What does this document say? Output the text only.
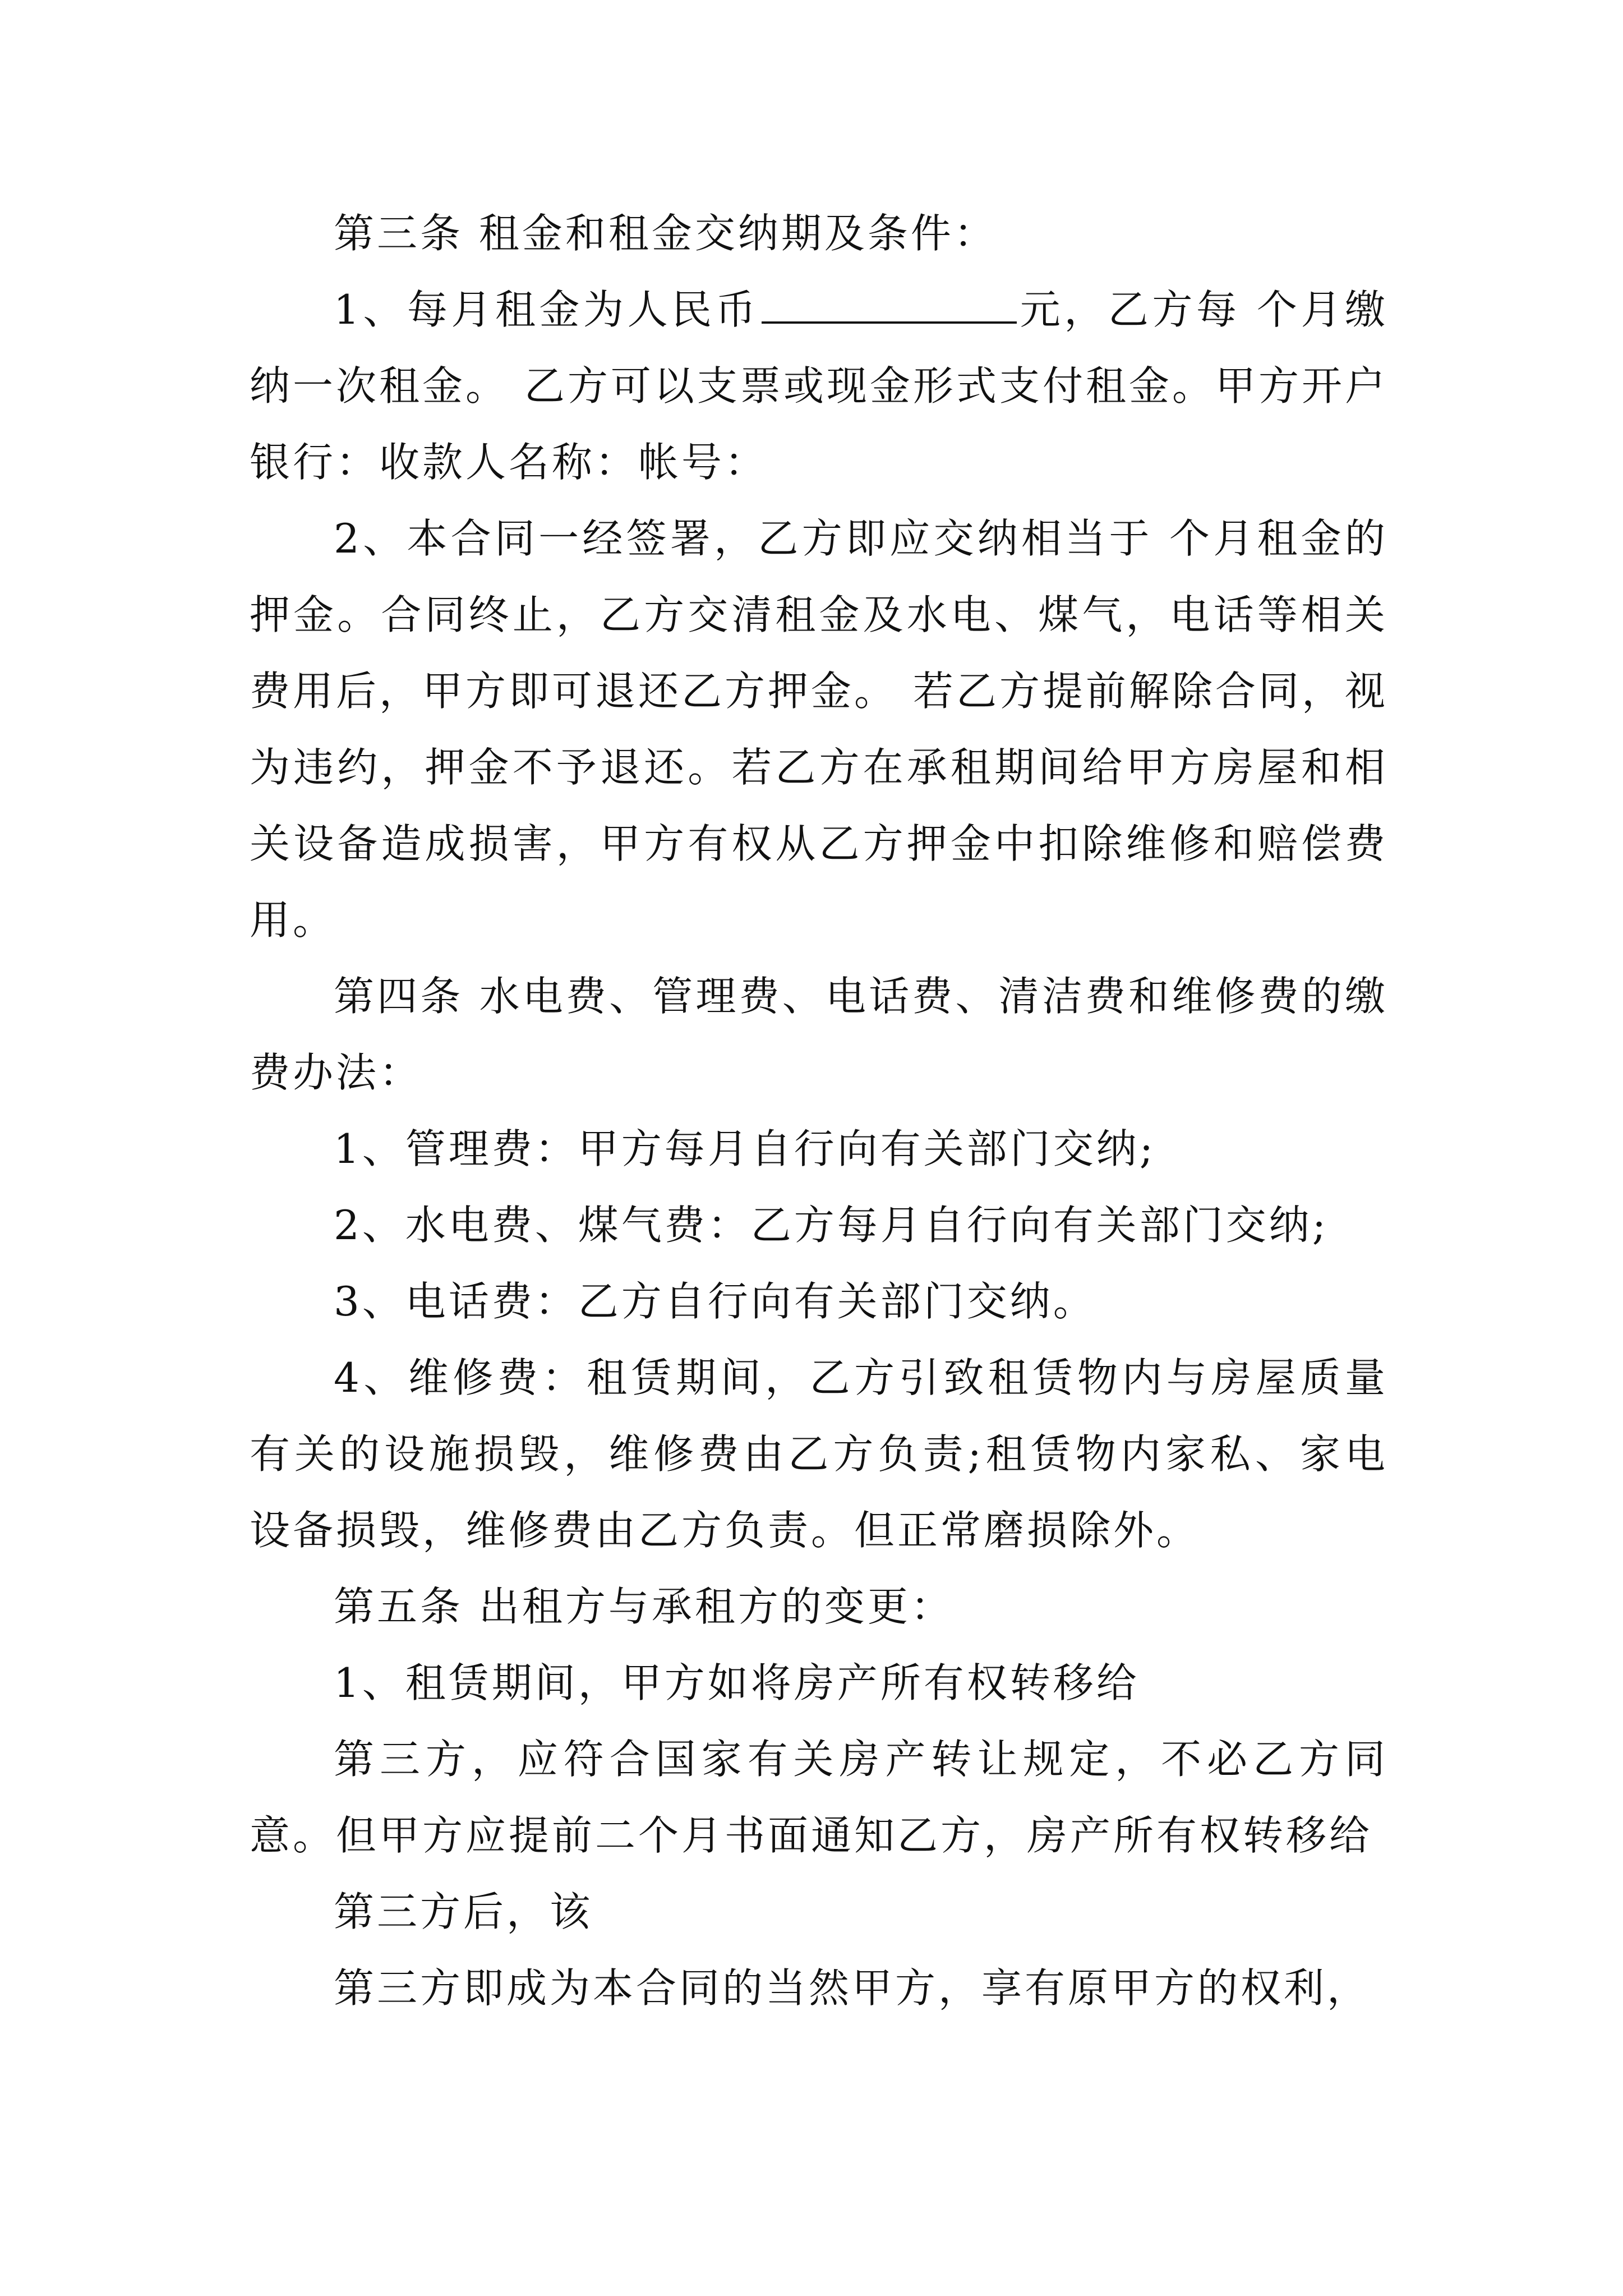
第三条 租金和租金交纳期及条件：

1、每月租金为人民币	元，乙方每 个月缴纳一次租金。 乙方可以支票或现金形式支付租金。甲方开户银行：收款人名称：帐号：

2、本合同一经签署，乙方即应交纳相当于 个月租金的押金。合同终止，乙方交清租金及水电、煤气，电话等相关费用后，甲方即可退还乙方押金。 若乙方提前解除合同，视为违约，押金不予退还。若乙方在承租期间给甲方房屋和相关设备造成损害，甲方有权从乙方押金中扣除维修和赔偿费用。

第四条 水电费、管理费、电话费、清洁费和维修费的缴费办法：

1、管理费：甲方每月自行向有关部门交纳;

2、水电费、煤气费：乙方每月自行向有关部门交纳;

3、电话费：乙方自行向有关部门交纳。

4、维修费：租赁期间，乙方引致租赁物内与房屋质量有关的设施损毁，维修费由乙方负责;租赁物内家私、家电设备损毁，维修费由乙方负责。但正常磨损除外。

第五条 出租方与承租方的变更：

1、租赁期间，甲方如将房产所有权转移给

第三方，应符合国家有关房产转让规定，不必乙方同意。但甲方应提前二个月书面通知乙方，房产所有权转移给

第三方后，该

第三方即成为本合同的当然甲方，享有原甲方的权利，
